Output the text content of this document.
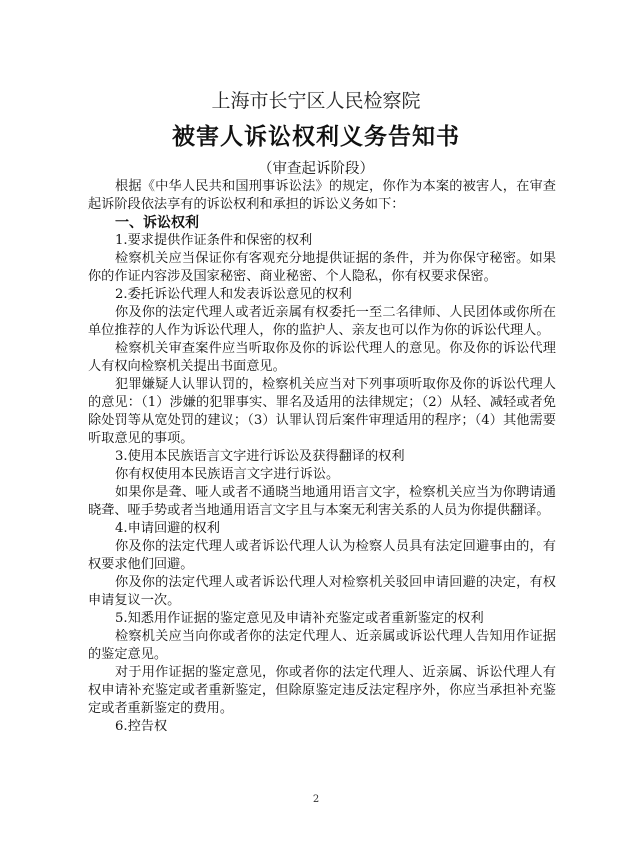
上海市长宁区人民检察院
被害人诉讼权利义务告知书
（审查起诉阶段）

根据《中华人民共和国刑事诉讼法》的规定，你作为本案的被害人，在审查起诉阶段依法享有的诉讼权利和承担的诉讼义务如下：

一、诉讼权利

1.要求提供作证条件和保密的权利

检察机关应当保证你有客观充分地提供证据的条件，并为你保守秘密。如果你的作证内容涉及国家秘密、商业秘密、个人隐私，你有权要求保密。

2.委托诉讼代理人和发表诉讼意见的权利

你及你的法定代理人或者近亲属有权委托一至二名律师、人民团体或你所在单位推荐的人作为诉讼代理人，你的监护人、亲友也可以作为你的诉讼代理人。

检察机关审查案件应当听取你及你的诉讼代理人的意见。你及你的诉讼代理人有权向检察机关提出书面意见。

犯罪嫌疑人认罪认罚的，检察机关应当对下列事项听取你及你的诉讼代理人的意见：（1）涉嫌的犯罪事实、罪名及适用的法律规定；（2）从轻、减轻或者免除处罚等从宽处罚的建议；（3）认罪认罚后案件审理适用的程序；（4）其他需要听取意见的事项。

3.使用本民族语言文字进行诉讼及获得翻译的权利

你有权使用本民族语言文字进行诉讼。

如果你是聋、哑人或者不通晓当地通用语言文字，检察机关应当为你聘请通晓聋、哑手势或者当地通用语言文字且与本案无利害关系的人员为你提供翻译。

4.申请回避的权利

你及你的法定代理人或者诉讼代理人认为检察人员具有法定回避事由的，有权要求他们回避。

你及你的法定代理人或者诉讼代理人对检察机关驳回申请回避的决定，有权申请复议一次。

5.知悉用作证据的鉴定意见及申请补充鉴定或者重新鉴定的权利

检察机关应当向你或者你的法定代理人、近亲属或诉讼代理人告知用作证据的鉴定意见。

对于用作证据的鉴定意见，你或者你的法定代理人、近亲属、诉讼代理人有权申请补充鉴定或者重新鉴定，但除原鉴定违反法定程序外，你应当承担补充鉴定或者重新鉴定的费用。

6.控告权

2
